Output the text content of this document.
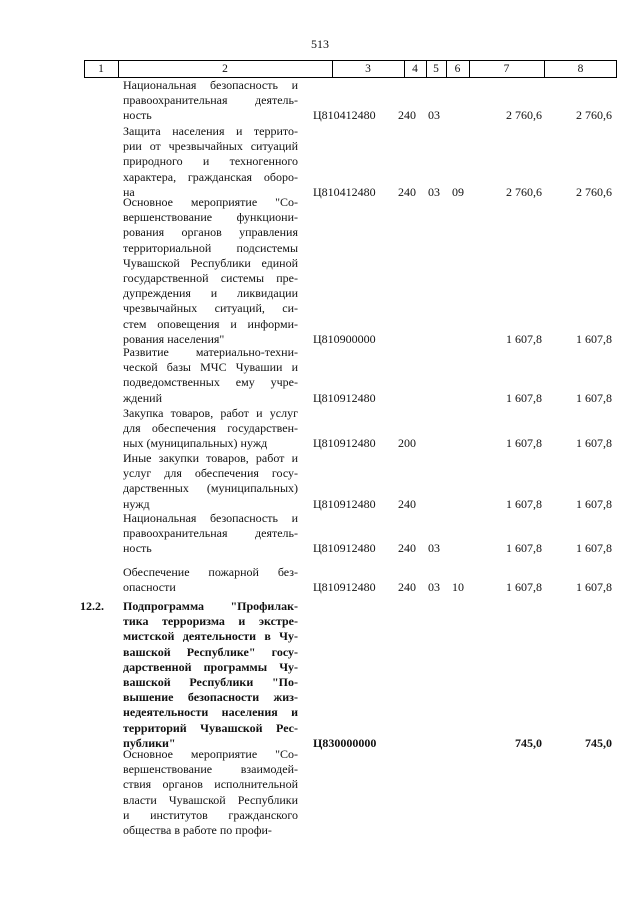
513
1	2	3	4	5	6	7	8
Национальная безопасность и
правоохранительная деятель-
ность	Ц810412480 240 03	2 760,6	2 760,6
Защита населения и террито-
рии от чрезвычайных ситуаций
природного и техногенного
характера, гражданская оборо-
на	Ц810412480 240 03 09	2 760,6	2 760,6
Основное мероприятие "Со-
вершенствование функциони-
рования органов управления
территориальной подсистемы
Чувашской Республики единой
государственной системы пре-
дупреждения и ликвидации
чрезвычайных ситуаций, си-
стем оповещения и информи-
рования населения"	Ц810900000	1 607,8	1 607,8
Развитие материально-техни-
ческой базы МЧС Чувашии и
подведомственных ему учре-
ждений	Ц810912480	1 607,8	1 607,8
Закупка товаров, работ и услуг
для обеспечения государствен-
ных (муниципальных) нужд	Ц810912480 200	1 607,8	1 607,8
Иные закупки товаров, работ и
услуг для обеспечения госу-
дарственных (муниципальных)
нужд	Ц810912480 240	1 607,8	1 607,8
Национальная безопасность и
правоохранительная деятель-
ность	Ц810912480 240 03	1 607,8	1 607,8
Обеспечение пожарной без-
опасности	Ц810912480 240 03 10	1 607,8	1 607,8
12.2.	Подпрограмма "Профилак-
тика терроризма и экстре-
мистской деятельности в Чу-
вашской Республике" госу-
дарственной программы Чу-
вашской Республики "По-
вышение безопасности жиз-
недеятельности населения и
территорий Чувашской Рес-
публики"	Ц830000000	745,0	745,0
Основное мероприятие "Со-
вершенствование взаимодей-
ствия органов исполнительной
власти Чувашской Республики
и институтов гражданского
общества в работе по профи-
